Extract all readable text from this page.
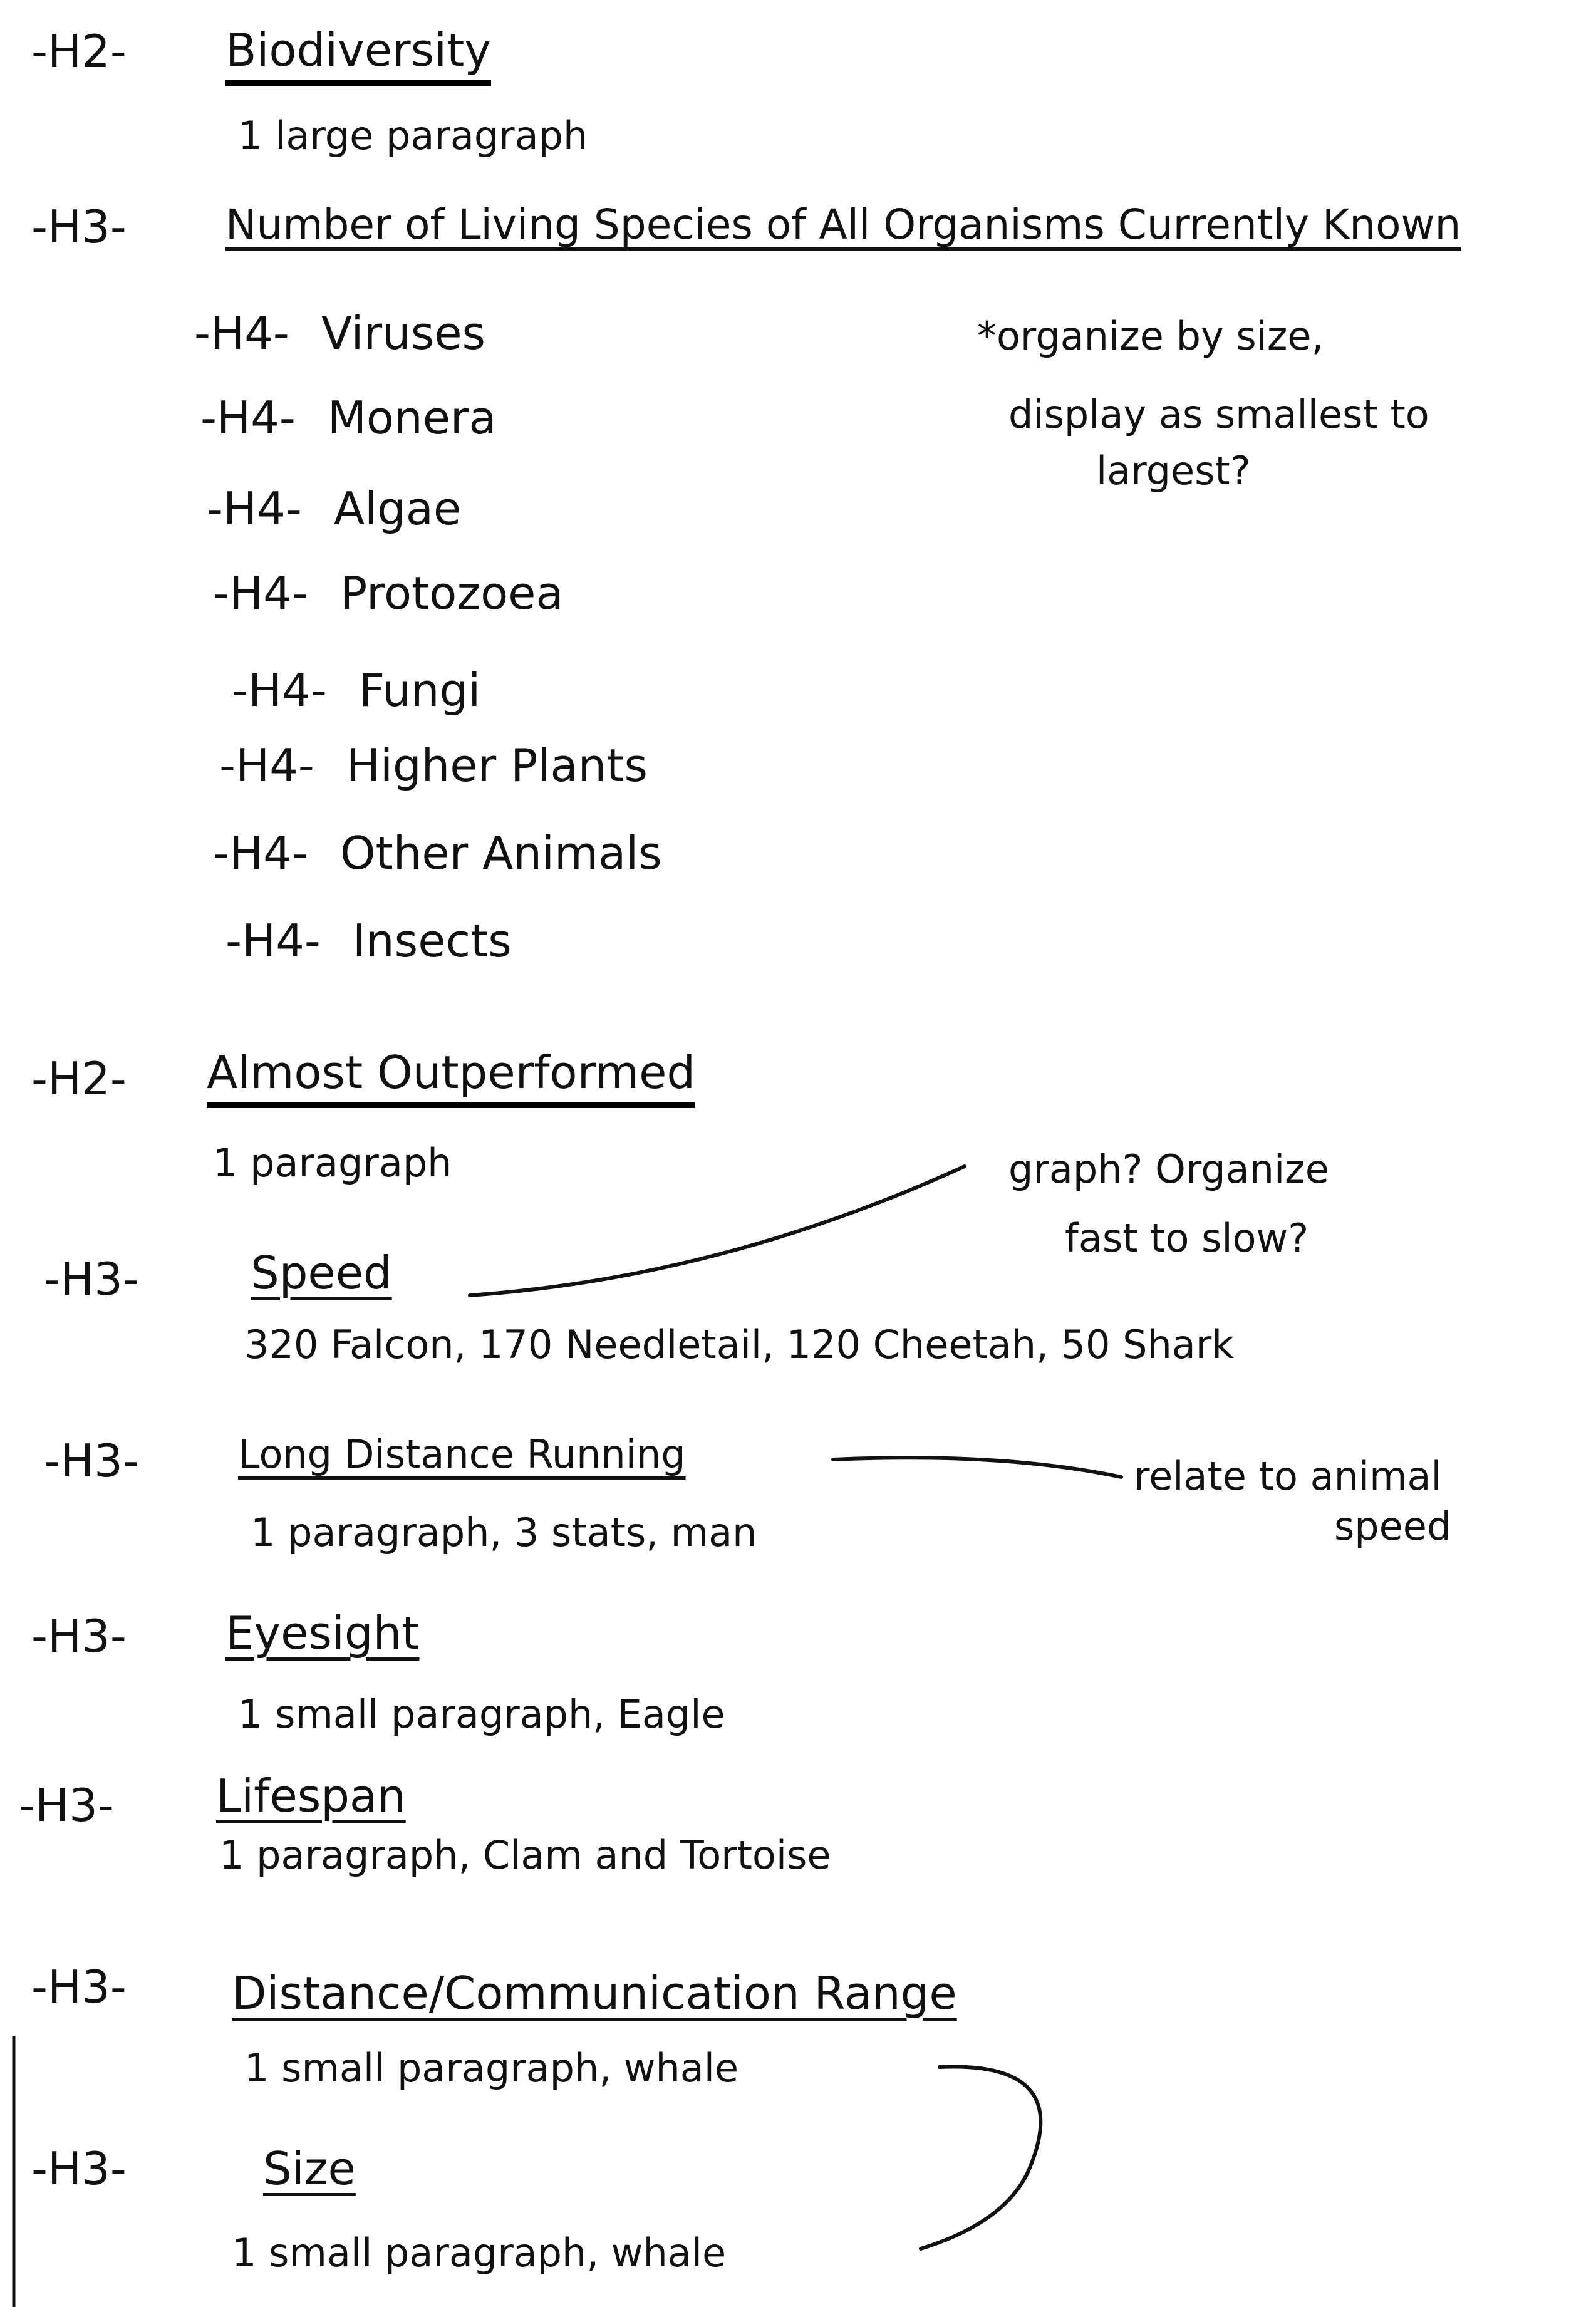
-H2- Biodiversity
1 large paragraph
-H3- Number of Living Species of All Organisms Currently Known
-H4- Viruses
-H4- Monera
-H4- Algae
-H4- Protozoea
-H4- Fungi
-H4- Higher Plants
-H4- Other Animals
-H4- Insects
*organize by size,
display as smallest to
largest?
-H2- Almost Outperformed
1 paragraph	graph? Organize
fast to slow?
-H3- Speed
320 Falcon, 170 Needletail, 120 Cheetah, 50 Shark
-H3-	Long Distance Running
1 paragraph, 3 stats, man
relate to animal
speed
-H3- Eyesight
1 small paragraph, Eagle
-H3- Lifespan
1 paragraph, Clam and Tortoise
-H3- Distance/Communication Range
1 small paragraph, whale
-H3-	Size
1 small paragraph, whale
